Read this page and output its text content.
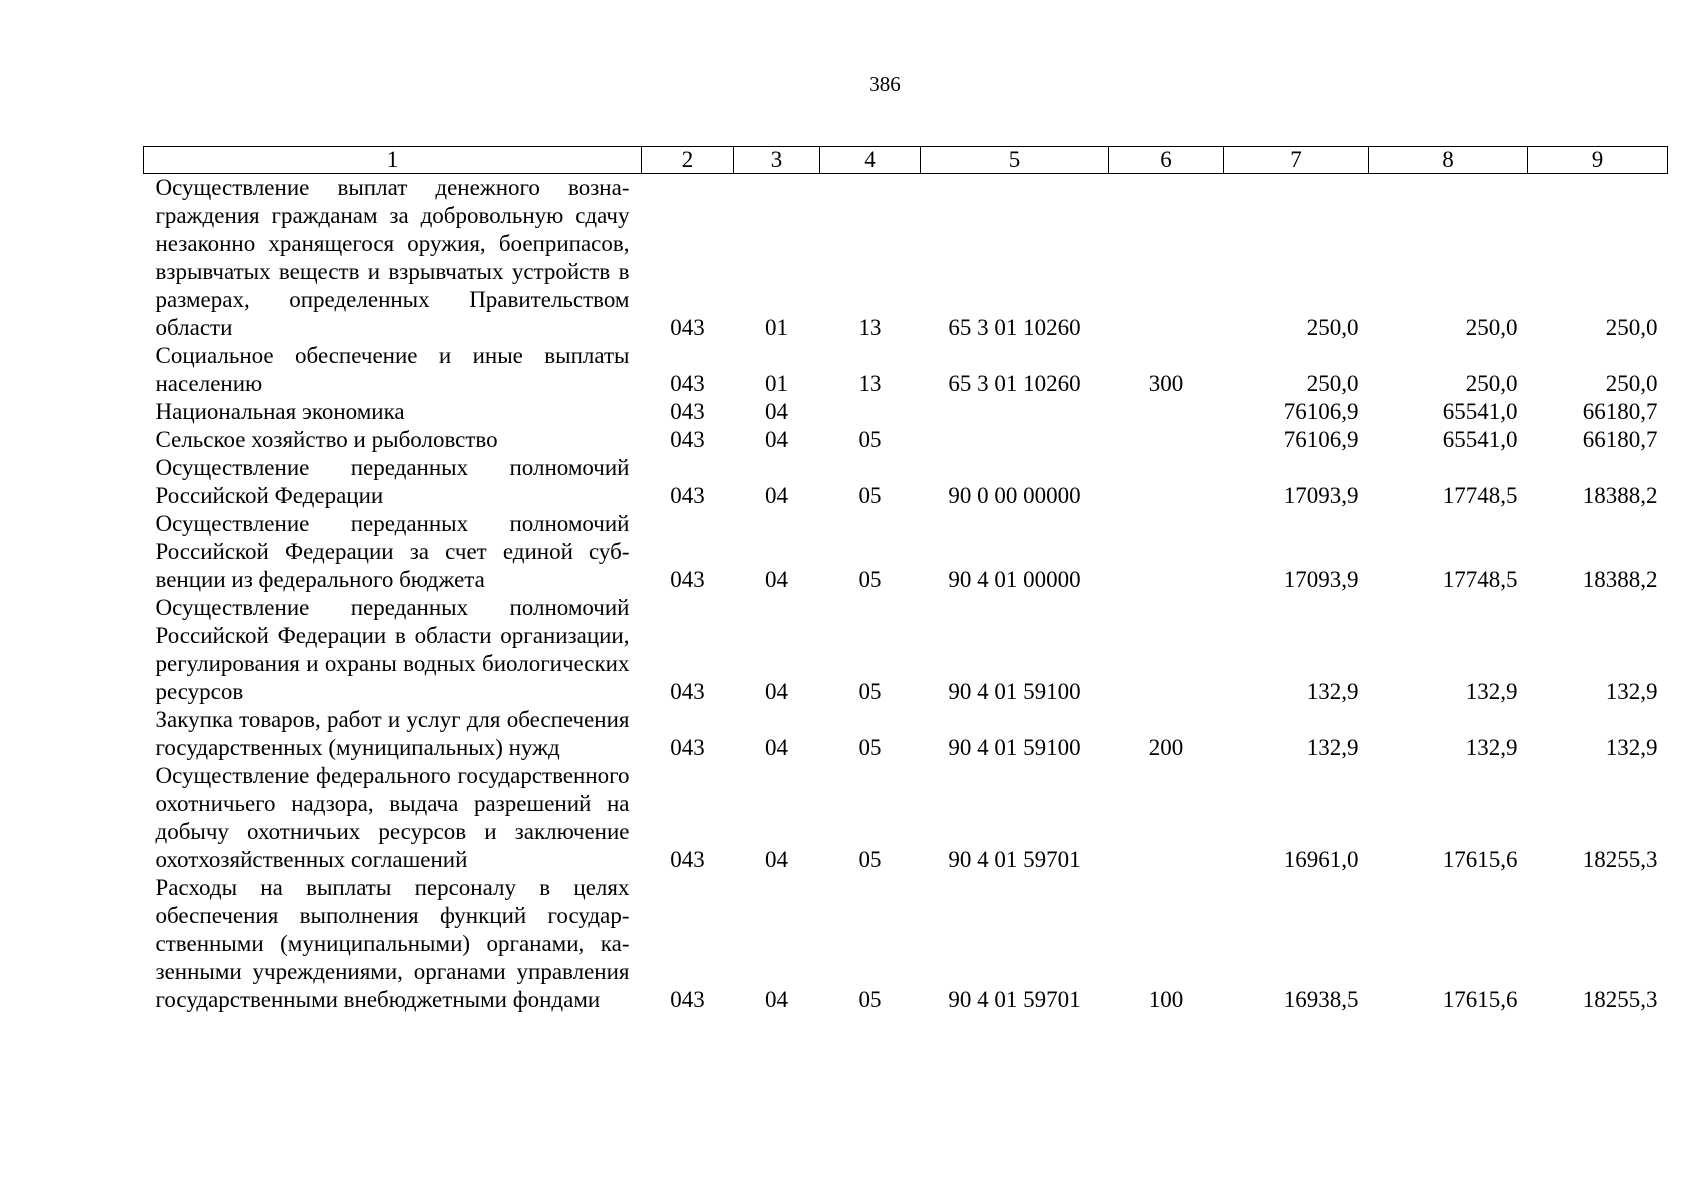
386
1	2	3	4	5	6	7	8	9
Осуществление выплат денежного вознаграждения гражданам за добровольную сдачу незаконно хранящегося оружия, боеприпасов, взрывчатых веществ и взрывчатых устройств в размерах, определенных Правительством области	043	01	13	65 3 01 10260		250,0	250,0	250,0
Социальное обеспечение и иные выплаты населению	043	01	13	65 3 01 10260	300	250,0	250,0	250,0
Национальная экономика	043	04				76106,9	65541,0	66180,7
Сельское хозяйство и рыболовство	043	04	05			76106,9	65541,0	66180,7
Осуществление переданных полномочий Российской Федерации	043	04	05	90 0 00 00000		17093,9	17748,5	18388,2
Осуществление переданных полномочий Российской Федерации за счет единой субвенции из федерального бюджета	043	04	05	90 4 01 00000		17093,9	17748,5	18388,2
Осуществление переданных полномочий Российской Федерации в области организации, регулирования и охраны водных биологических ресурсов	043	04	05	90 4 01 59100		132,9	132,9	132,9
Закупка товаров, работ и услуг для обеспечения государственных (муниципальных) нужд	043	04	05	90 4 01 59100	200	132,9	132,9	132,9
Осуществление федерального государственного охотничьего надзора, выдача разрешений на добычу охотничьих ресурсов и заключение охотхозяйственных соглашений	043	04	05	90 4 01 59701		16961,0	17615,6	18255,3
Расходы на выплаты персоналу в целях обеспечения выполнения функций государственными (муниципальными) органами, казенными учреждениями, органами управления государственными внебюджетными фондами	043	04	05	90 4 01 59701	100	16938,5	17615,6	18255,3
